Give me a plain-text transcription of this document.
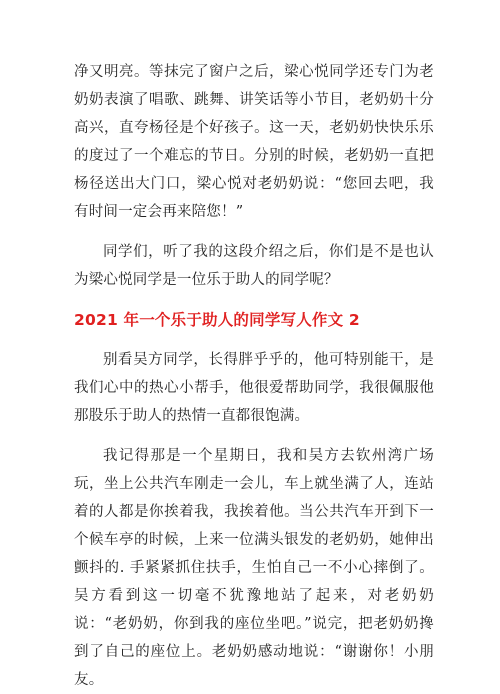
净又明亮。等抹完了窗户之后，梁心悦同学还专门为老奶奶表演了唱歌、跳舞、讲笑话等小节目，老奶奶十分高兴，直夸杨径是个好孩子。这一天，老奶奶快快乐乐的度过了一个难忘的节日。分别的时候，老奶奶一直把杨径送出大门口，梁心悦对老奶奶说：“您回去吧，我有时间一定会再来陪您！”

同学们，听了我的这段介绍之后，你们是不是也认为梁心悦同学是一位乐于助人的同学呢？

2021 年一个乐于助人的同学写人作文 2

别看吴方同学，长得胖乎乎的，他可特别能干，是我们心中的热心小帮手，他很爱帮助同学，我很佩服他那股乐于助人的热情一直都很饱满。

我记得那是一个星期日，我和吴方去钦州湾广场玩，坐上公共汽车刚走一会儿，车上就坐满了人，连站着的人都是你挨着我，我挨着他。当公共汽车开到下一个候车亭的时候，上来一位满头银发的老奶奶，她伸出颤抖的. 手紧紧抓住扶手，生怕自己一不小心摔倒了。吴方看到这一切毫不犹豫地站了起来，对老奶奶说：“老奶奶，你到我的座位坐吧。”说完，把老奶奶搀到了自己的座位上。老奶奶感动地说：“谢谢你！小朋友。
